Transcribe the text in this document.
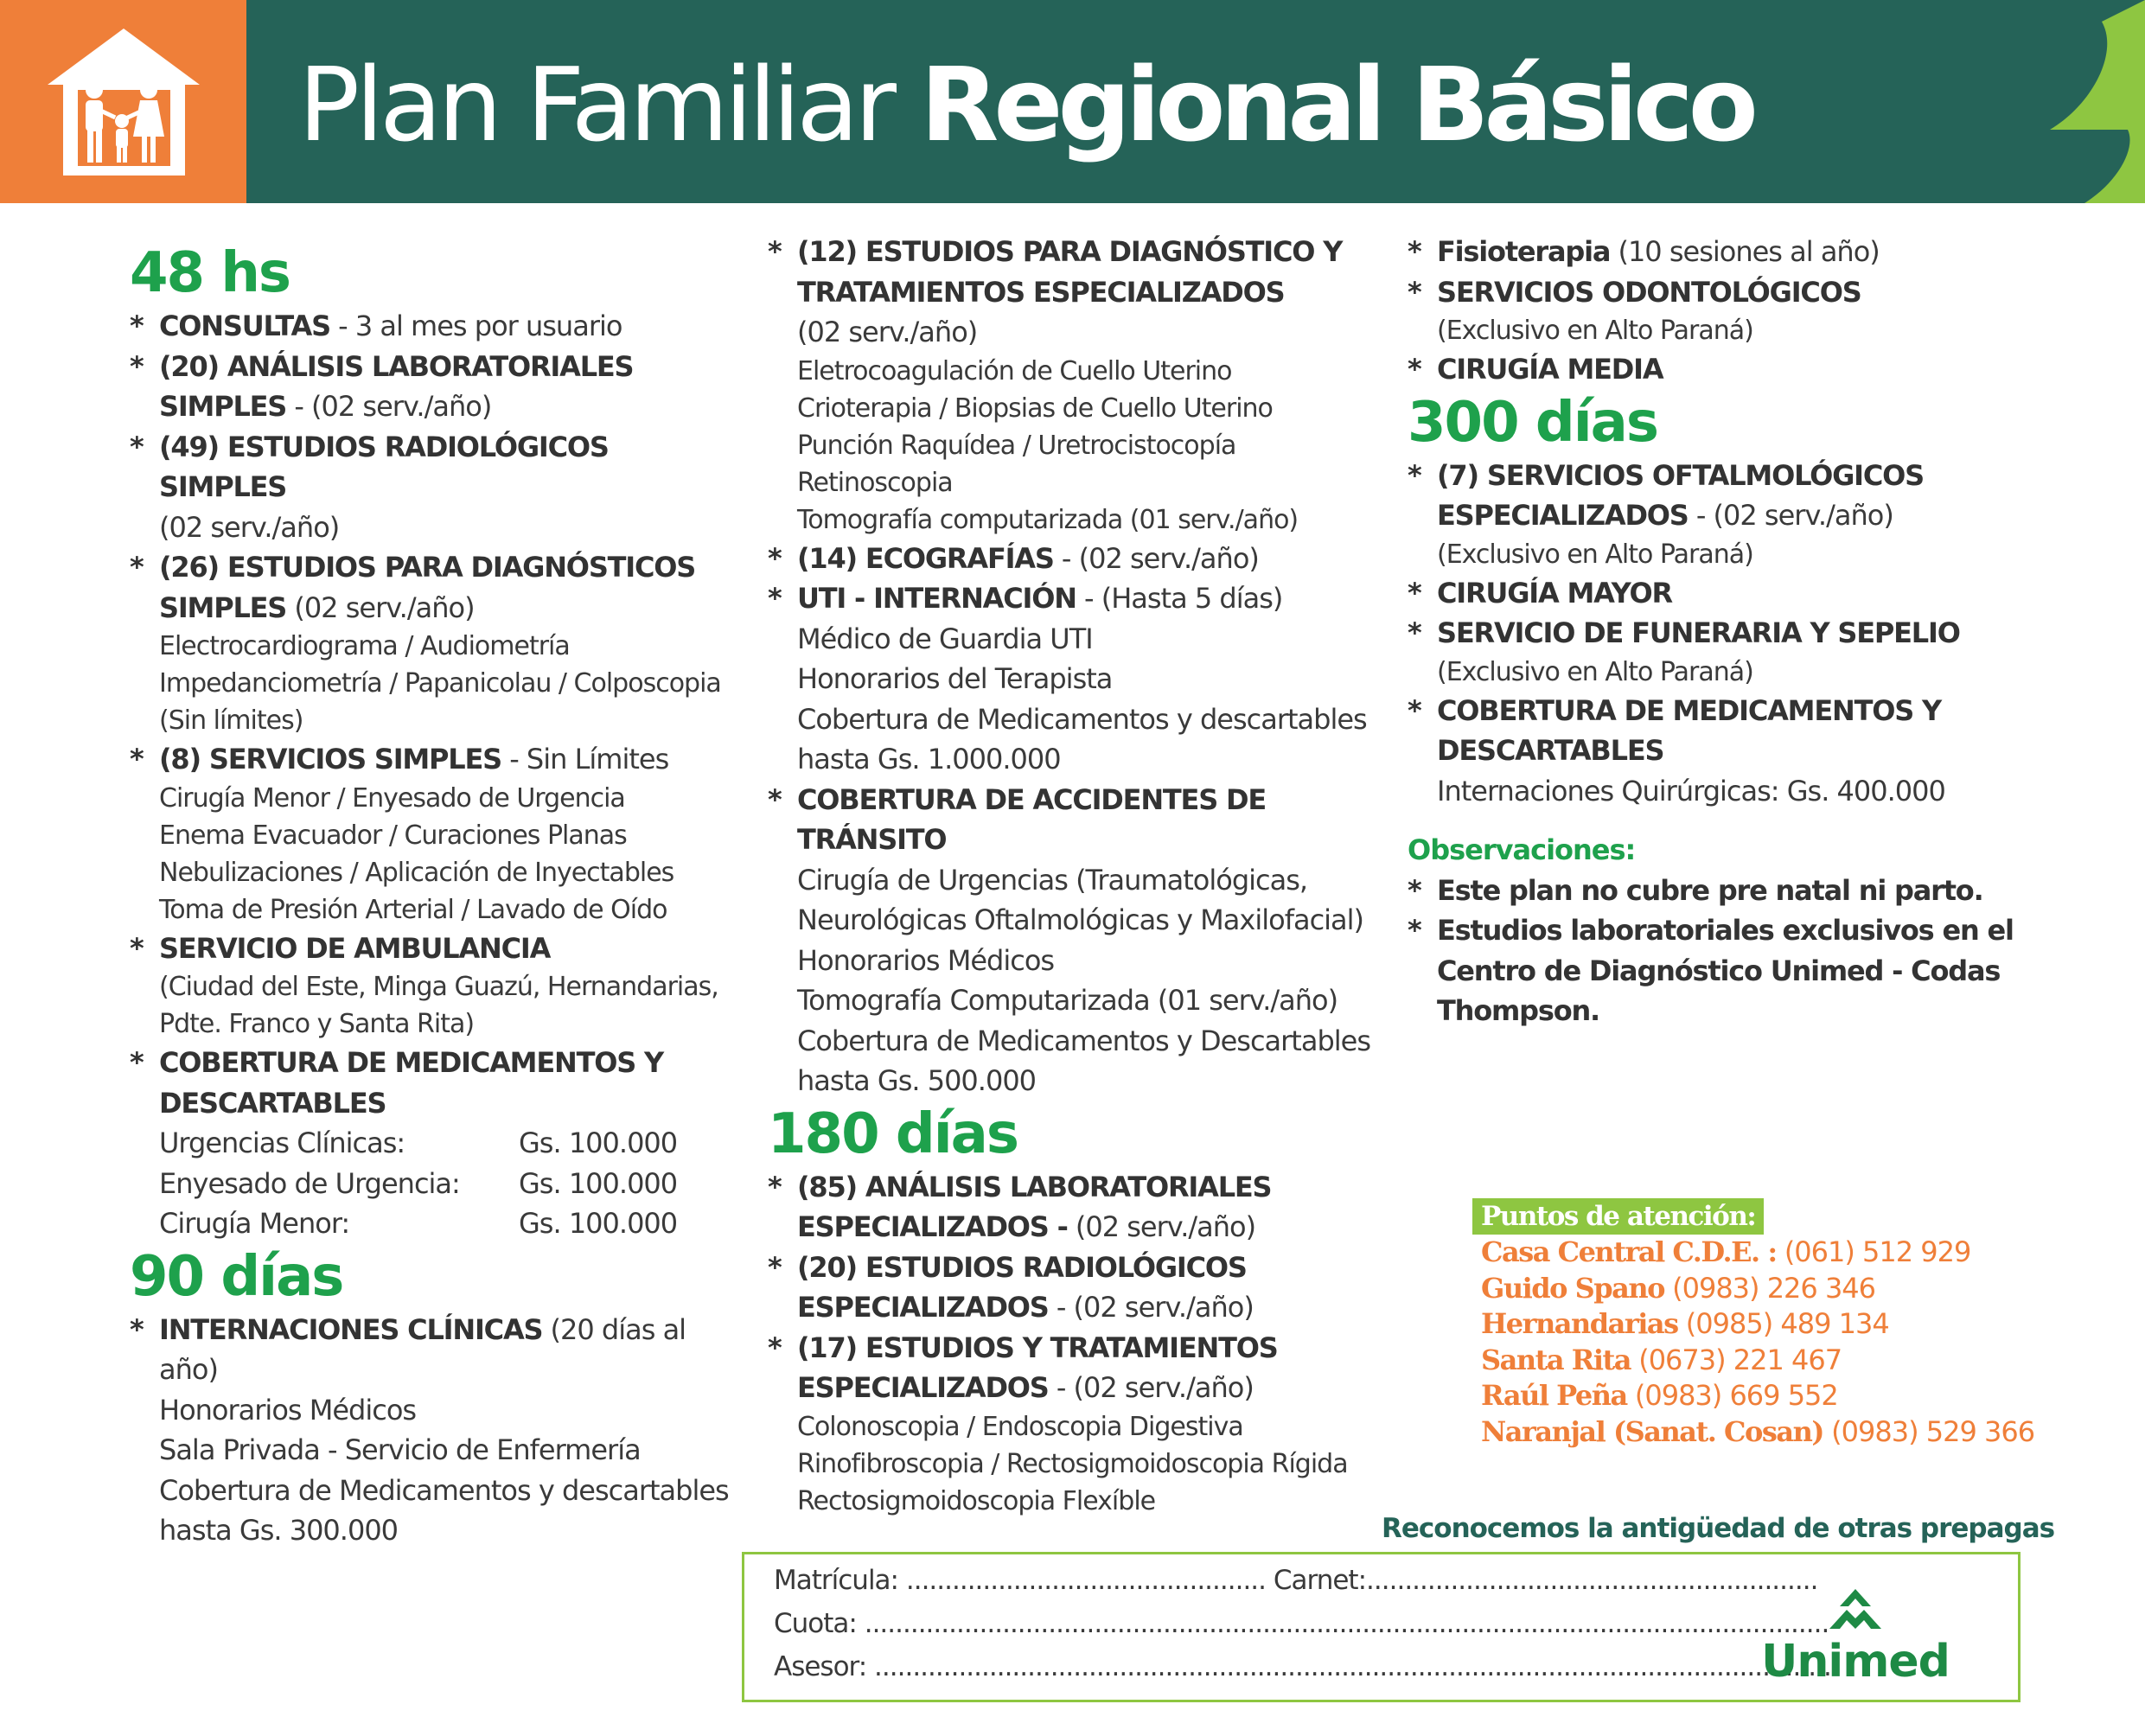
Plan Familiar Regional Básico
48 hs
* CONSULTAS - 3 al mes por usuario
* (20) ANÁLISIS LABORATORIALES
SIMPLES - (02 serv./año)
* (49) ESTUDIOS RADIOLÓGICOS SIMPLES
(02 serv./año)
* (26) ESTUDIOS PARA DIAGNÓSTICOS
SIMPLES (02 serv./año)
Electrocardiograma / Audiometría
Impedanciometría / Papanicolau / Colposcopia
(Sin límites)
* (8) SERVICIOS SIMPLES - Sin Límites
Cirugía Menor / Enyesado de Urgencia
Enema Evacuador / Curaciones Planas
Nebulizaciones / Aplicación de Inyectables
Toma de Presión Arterial / Lavado de Oído
* SERVICIO DE AMBULANCIA
(Ciudad del Este, Minga Guazú, Hernandarias,
Pdte. Franco y Santa Rita)
* COBERTURA DE MEDICAMENTOS Y
DESCARTABLES
Urgencias Clínicas:	Gs. 100.000
Enyesado de Urgencia:	Gs. 100.000
Cirugía Menor:	Gs. 100.000
90 días
* INTERNACIONES CLÍNICAS (20 días al año)
Honorarios Médicos
Sala Privada - Servicio de Enfermería
Cobertura de Medicamentos y descartables
hasta Gs. 300.000
* (12) ESTUDIOS PARA DIAGNÓSTICO Y
TRATAMIENTOS ESPECIALIZADOS
(02 serv./año)
Eletrocoagulación de Cuello Uterino
Crioterapia / Biopsias de Cuello Uterino
Punción Raquídea / Uretrocistocopía
Retinoscopia
Tomografía computarizada (01 serv./año)
* (14) ECOGRAFÍAS - (02 serv./año)
* UTI - INTERNACIÓN - (Hasta 5 días)
Médico de Guardia UTI
Honorarios del Terapista
Cobertura de Medicamentos y descartables
hasta Gs. 1.000.000
* COBERTURA DE ACCIDENTES DE TRÁNSITO
Cirugía de Urgencias (Traumatológicas,
Neurológicas Oftalmológicas y Maxilofacial)
Honorarios Médicos
Tomografía Computarizada (01 serv./año)
Cobertura de Medicamentos y Descartables
hasta Gs. 500.000
180 días
* (85) ANÁLISIS LABORATORIALES
ESPECIALIZADOS - (02 serv./año)
* (20) ESTUDIOS RADIOLÓGICOS
ESPECIALIZADOS - (02 serv./año)
* (17) ESTUDIOS Y TRATAMIENTOS
ESPECIALIZADOS - (02 serv./año)
Colonoscopia / Endoscopia Digestiva
Rinofibroscopia / Rectosigmoidoscopia Rígida
Rectosigmoidoscopia Flexíble
* Fisioterapia (10 sesiones al año)
* SERVICIOS ODONTOLÓGICOS
(Exclusivo en Alto Paraná)
* CIRUGÍA MEDIA
300 días
* (7) SERVICIOS OFTALMOLÓGICOS
ESPECIALIZADOS - (02 serv./año)
(Exclusivo en Alto Paraná)
* CIRUGÍA MAYOR
* SERVICIO DE FUNERARIA Y SEPELIO
(Exclusivo en Alto Paraná)
* COBERTURA DE MEDICAMENTOS Y
DESCARTABLES
Internaciones Quirúrgicas: Gs. 400.000
Observaciones:
* Este plan no cubre pre natal ni parto.
* Estudios laboratoriales exclusivos en el
Centro de Diagnóstico Unimed - Codas
Thompson.
Puntos de atención:
Casa Central C.D.E. : (061) 512 929
Guido Spano (0983) 226 346
Hernandarias (0985) 489 134
Santa Rita (0673) 221 467
Raúl Peña (0983) 669 552
Naranjal (Sanat. Cosan) (0983) 529 366
Reconocemos la antigüedad de otras prepagas
Matrícula: ............................................... Carnet:...........................................................
Cuota: ..............................................................................................................................
Asesor: .............................................................................................................................
Unimed
